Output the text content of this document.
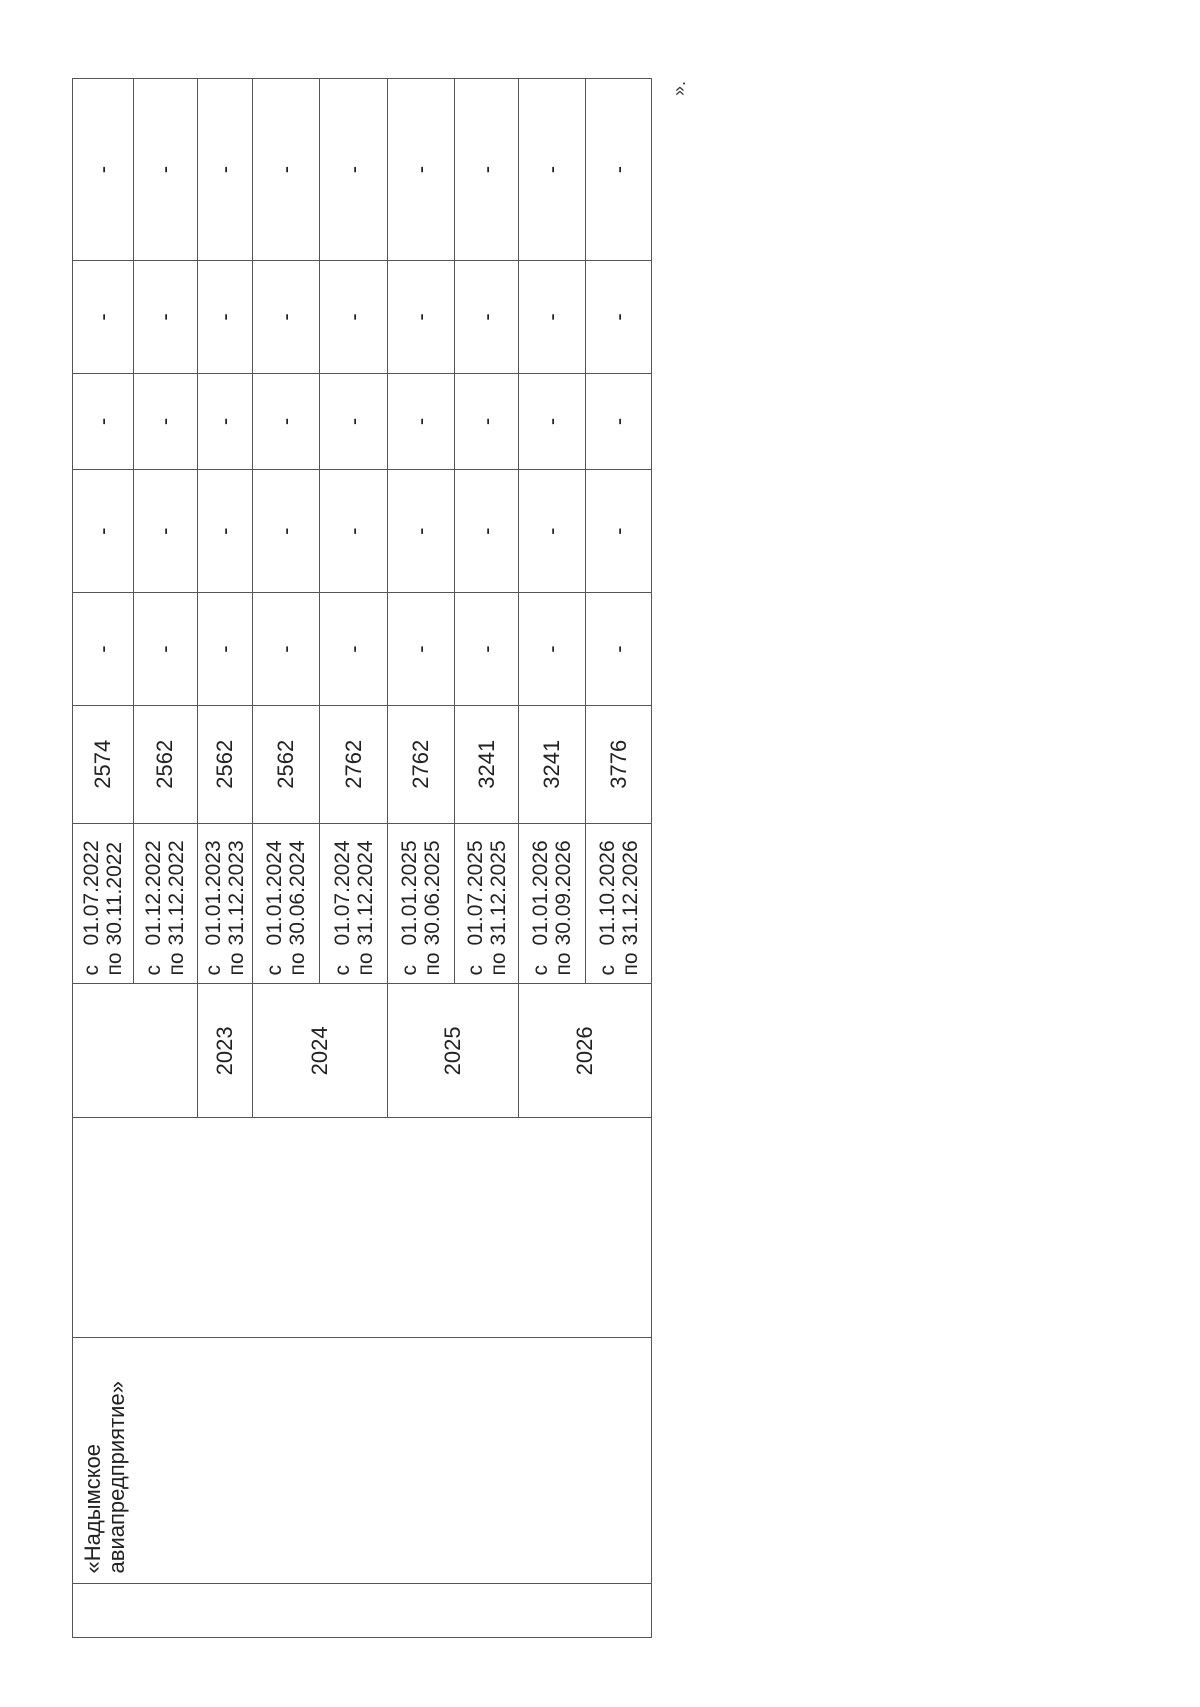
	«Надымское авиапредприятие»			с01.07.2022
по30.11.2022	2574	-	-	-	-	-

				с01.12.2022
по31.12.2022	2562	-	-	-	-	-
			2023	с01.01.2023
по31.12.2023	2562	-	-	-	-	-
			2024	с01.01.2024
по30.06.2024	2562	-	-	-	-	-

				с01.07.2024
по31.12.2024	2762	-	-	-	-	-
			2025	с01.01.2025
по30.06.2025	2762	-	-	-	-	-

				с01.07.2025
по31.12.2025	3241	-	-	-	-	-
			2026	с01.01.2026
по30.09.2026	3241	-	-	-	-	-

				с01.10.2026
по31.12.2026	3776	-	-	-	-	-
».
